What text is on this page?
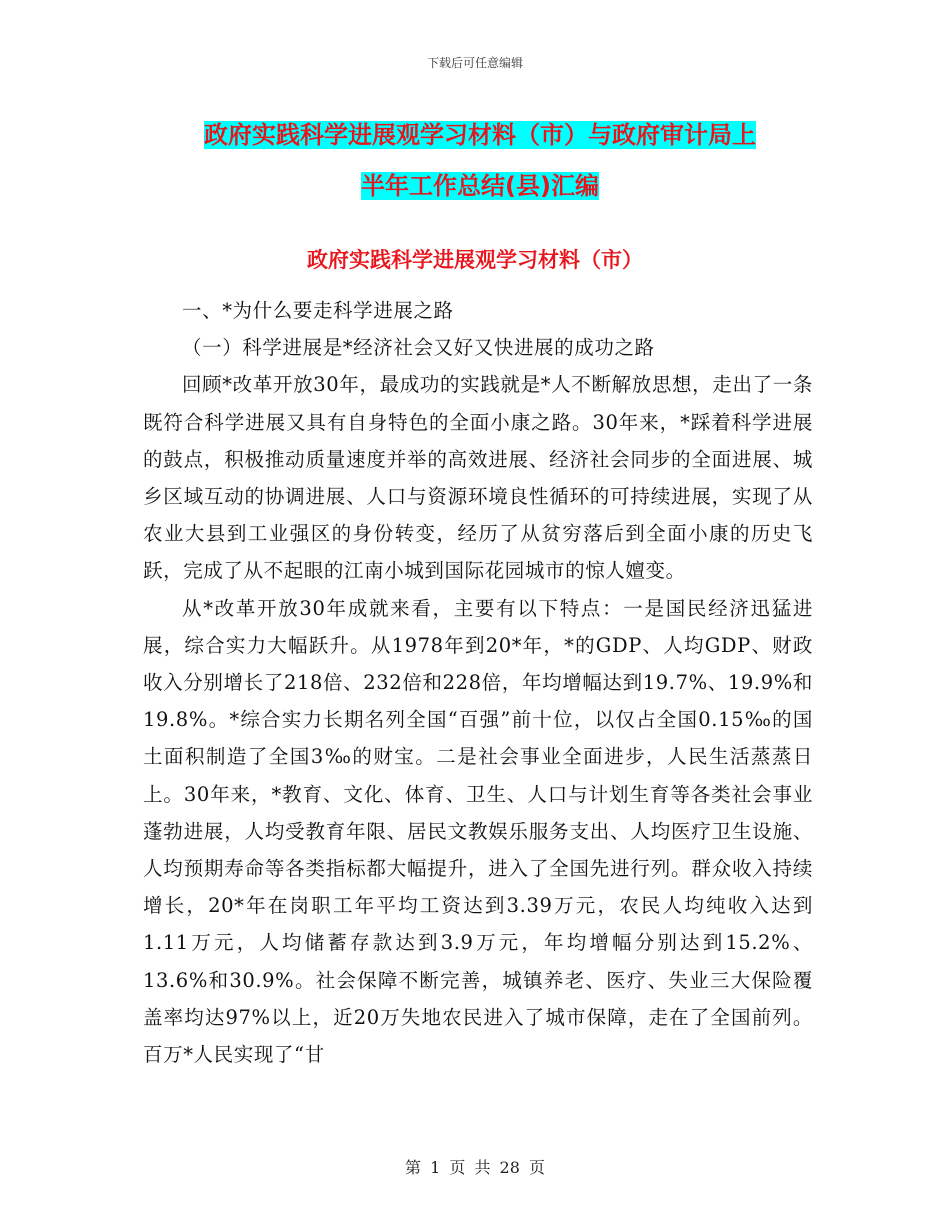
下载后可任意编辑
政府实践科学进展观学习材料（市）与政府审计局上
半年工作总结(县)汇编
政府实践科学进展观学习材料（市）

一、*为什么要走科学进展之路

（一）科学进展是*经济社会又好又快进展的成功之路

回顾*改革开放30年，最成功的实践就是*人不断解放思想，走出了一条既符合科学进展又具有自身特色的全面小康之路。30年来，*踩着科学进展的鼓点，积极推动质量速度并举的高效进展、经济社会同步的全面进展、城乡区域互动的协调进展、人口与资源环境良性循环的可持续进展，实现了从农业大县到工业强区的身份转变，经历了从贫穷落后到全面小康的历史飞跃，完成了从不起眼的江南小城到国际花园城市的惊人嬗变。

从*改革开放30年成就来看，主要有以下特点：一是国民经济迅猛进展，综合实力大幅跃升。从1978年到20*年，*的GDP、人均GDP、财政收入分别增长了218倍、232倍和228倍，年均增幅达到19.7%、19.9%和19.8%。*综合实力长期名列全国“百强”前十位，以仅占全国0.15‰的国土面积制造了全国3‰的财宝。二是社会事业全面进步，人民生活蒸蒸日上。30年来，*教育、文化、体育、卫生、人口与计划生育等各类社会事业蓬勃进展，人均受教育年限、居民文教娱乐服务支出、人均医疗卫生设施、人均预期寿命等各类指标都大幅提升，进入了全国先进行列。群众收入持续增长，20*年在岗职工年平均工资达到3.39万元，农民人均纯收入达到1.11万元，人均储蓄存款达到3.9万元，年均增幅分别达到15.2%、13.6%和30.9%。社会保障不断完善，城镇养老、医疗、失业三大保险覆盖率均达97%以上，近20万失地农民进入了城市保障，走在了全国前列。百万*人民实现了“甘

第 1 页 共 28 页
